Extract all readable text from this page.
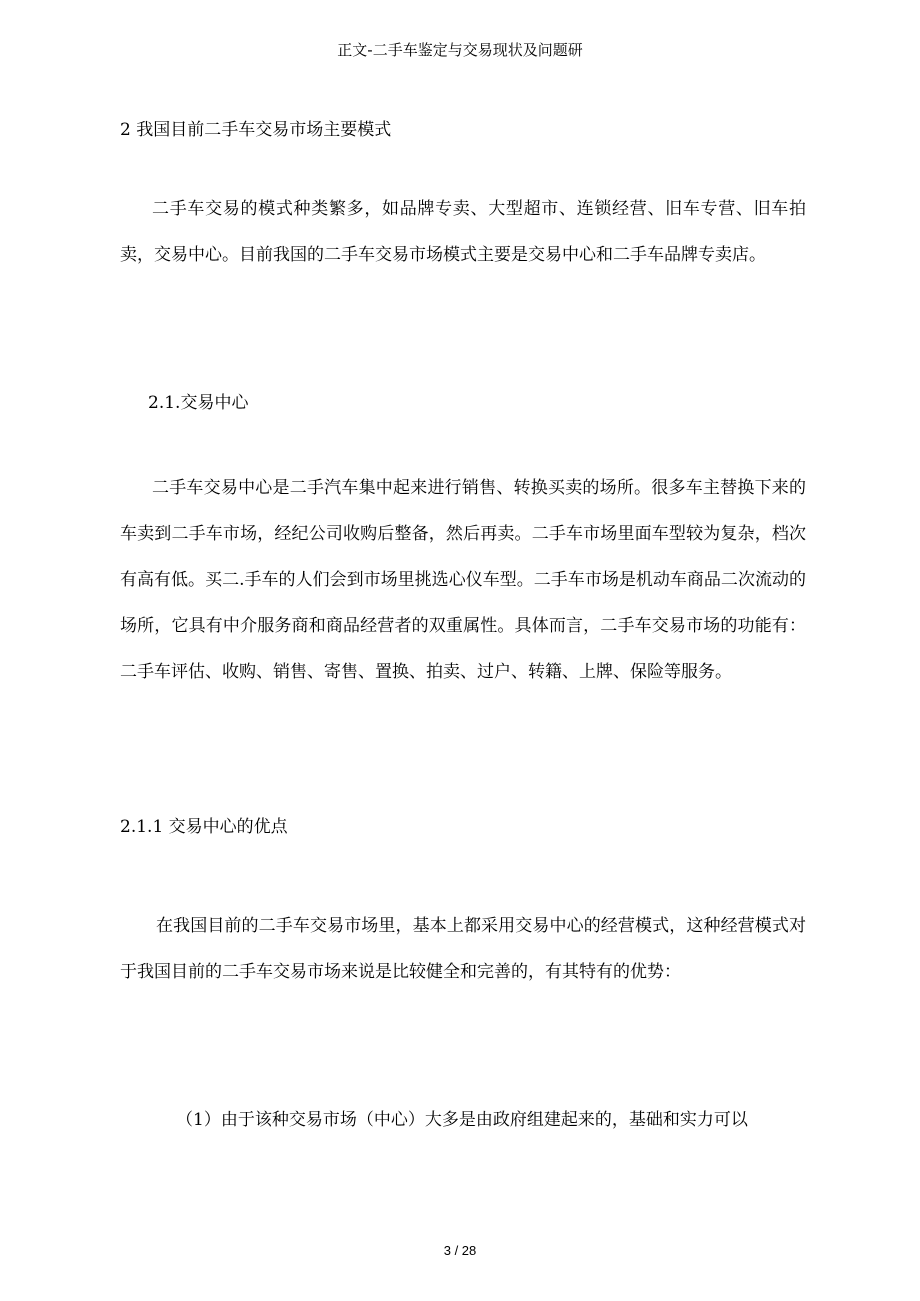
正文-二手车鉴定与交易现状及问题研
2 我国目前二手车交易市场主要模式

二手车交易的模式种类繁多，如品牌专卖、大型超市、连锁经营、旧车专营、旧车拍卖，交易中心。目前我国的二手车交易市场模式主要是交易中心和二手车品牌专卖店。

2.1.交易中心

二手车交易中心是二手汽车集中起来进行销售、转换买卖的场所。很多车主替换下来的车卖到二手车市场，经纪公司收购后整备，然后再卖。二手车市场里面车型较为复杂，档次有高有低。买二.手车的人们会到市场里挑选心仪车型。二手车市场是机动车商品二次流动的场所，它具有中介服务商和商品经营者的双重属性。具体而言，二手车交易市场的功能有：二手车评估、收购、销售、寄售、置换、拍卖、过户、转籍、上牌、保险等服务。

2.1.1 交易中心的优点

在我国目前的二手车交易市场里，基本上都采用交易中心的经营模式，这种经营模式对于我国目前的二手车交易市场来说是比较健全和完善的，有其特有的优势：

（1）由于该种交易市场（中心）大多是由政府组建起来的，基础和实力可以

3 / 28
